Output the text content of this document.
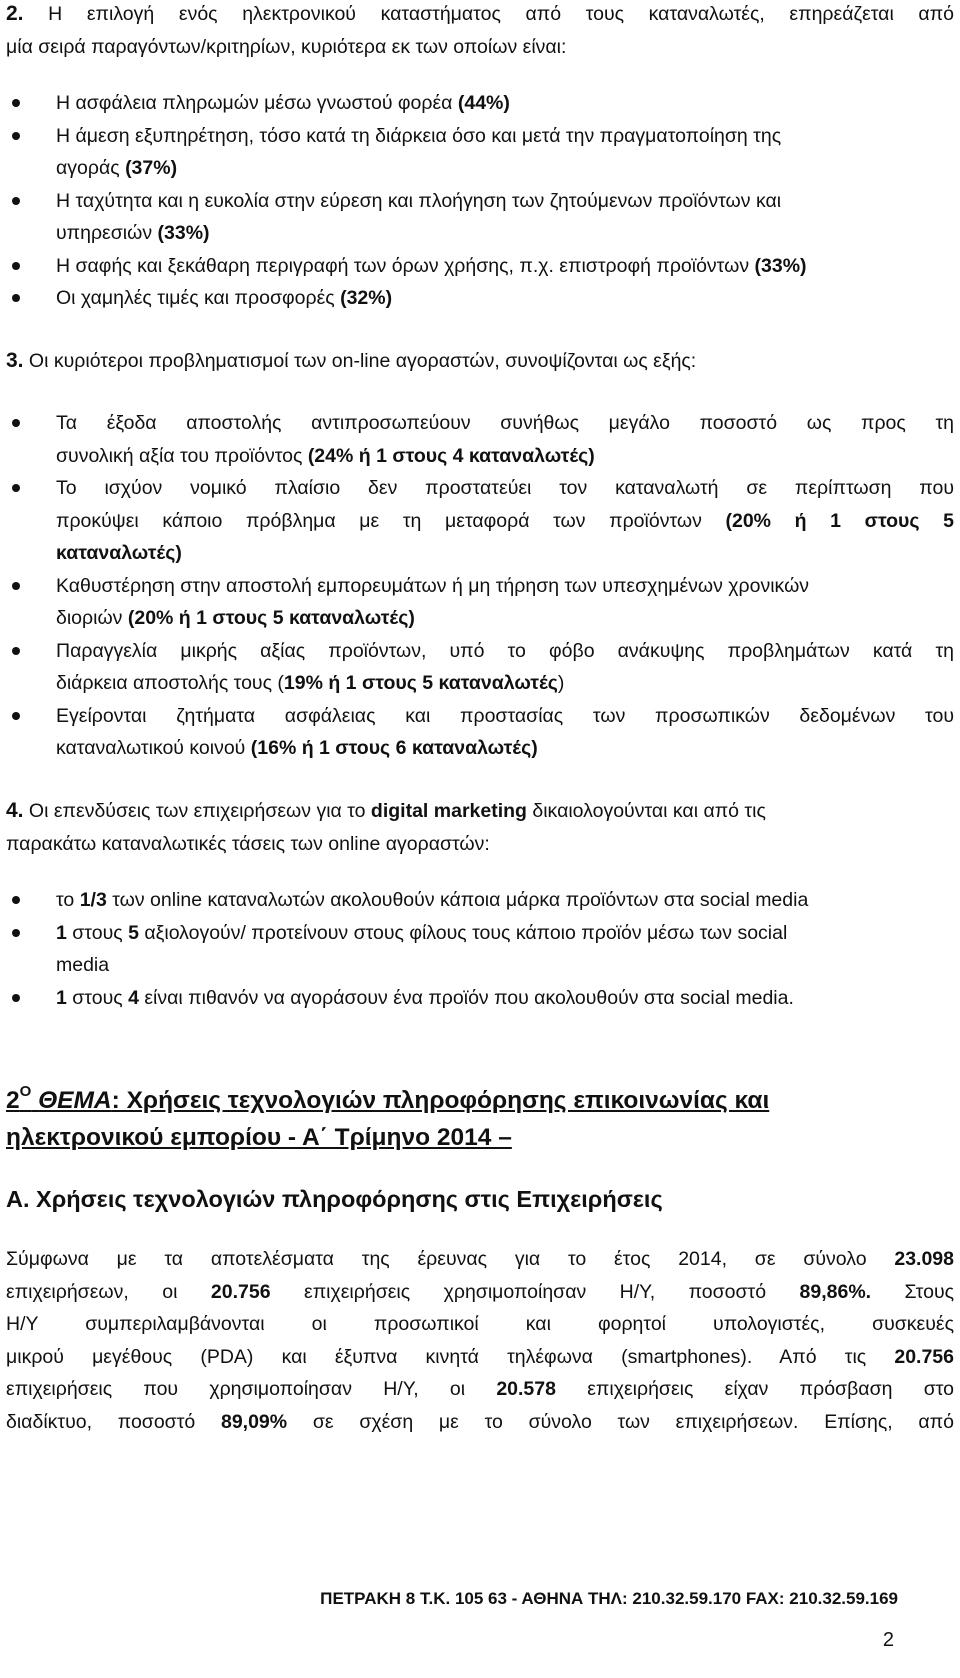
2. Η επιλογή ενός ηλεκτρονικού καταστήματος από τους καταναλωτές, επηρεάζεται από
μία σειρά παραγόντων/κριτηρίων, κυριότερα εκ των οποίων είναι:
Η ασφάλεια πληρωμών μέσω γνωστού φορέα (44%)
Η άμεση εξυπηρέτηση, τόσο κατά τη διάρκεια όσο και μετά την πραγματοποίηση της
αγοράς (37%)
Η ταχύτητα και η ευκολία στην εύρεση και πλοήγηση των ζητούμενων προϊόντων και
υπηρεσιών (33%)
Η σαφής και ξεκάθαρη περιγραφή των όρων χρήσης, π.χ. επιστροφή προϊόντων (33%)
Οι χαμηλές τιμές και προσφορές (32%)
3. Οι κυριότεροι προβληματισμοί των on-line αγοραστών, συνοψίζονται ως εξής:
Τα έξοδα αποστολής αντιπροσωπεύουν συνήθως μεγάλο ποσοστό ως προς τη
συνολική αξία του προϊόντος (24% ή 1 στους 4 καταναλωτές)
Το ισχύον νομικό πλαίσιο δεν προστατεύει τον καταναλωτή σε περίπτωση που
προκύψει κάποιο πρόβλημα με τη μεταφορά των προϊόντων (20% ή 1 στους 5
καταναλωτές)
Καθυστέρηση στην αποστολή εμπορευμάτων ή μη τήρηση των υπεσχημένων χρονικών
διοριών (20% ή 1 στους 5 καταναλωτές)
Παραγγελία μικρής αξίας προϊόντων, υπό το φόβο ανάκυψης προβλημάτων κατά τη
διάρκεια αποστολής τους (19% ή 1 στους 5 καταναλωτές)
Εγείρονται ζητήματα ασφάλειας και προστασίας των προσωπικών δεδομένων του
καταναλωτικού κοινού (16% ή 1 στους 6 καταναλωτές)
4. Οι επενδύσεις των επιχειρήσεων για το digital marketing δικαιολογούνται και από τις
παρακάτω καταναλωτικές τάσεις των online αγοραστών:
το 1/3 των online καταναλωτών ακολουθούν κάποια μάρκα προϊόντων στα social media
1 στους 5 αξιολογούν/ προτείνουν στους φίλους τους κάποιο προϊόν μέσω των social
media
1 στους 4 είναι πιθανόν να αγοράσουν ένα προϊόν που ακολουθούν στα social media.
$2^O$ ΘΕΜΑ: Χρήσεις τεχνολογιών πληροφόρησης επικοινωνίας και
ηλεκτρονικού εμπορίου - Α΄ Τρίμηνο 2014 –
Α. Χρήσεις τεχνολογιών πληροφόρησης στις Επιχειρήσεις
Σύμφωνα με τα αποτελέσματα της έρευνας για το έτος 2014, σε σύνολο 23.098
επιχειρήσεων, οι 20.756 επιχειρήσεις χρησιμοποίησαν Η/Υ, ποσοστό 89,86%. Στους
Η/Υ συμπεριλαμβάνονται οι προσωπικοί και φορητοί υπολογιστές, συσκευές
μικρού μεγέθους (PDA) και έξυπνα κινητά τηλέφωνα (smartphones). Από τις 20.756
επιχειρήσεις που χρησιμοποίησαν Η/Υ, οι 20.578 επιχειρήσεις είχαν πρόσβαση στο
διαδίκτυο, ποσοστό 89,09% σε σχέση με το σύνολο των επιχειρήσεων. Επίσης, από
ΠΕΤΡΑΚΗ 8 Τ.Κ. 105 63 - ΑΘΗΝΑ ΤΗΛ: 210.32.59.170 FAX: 210.32.59.169
2
